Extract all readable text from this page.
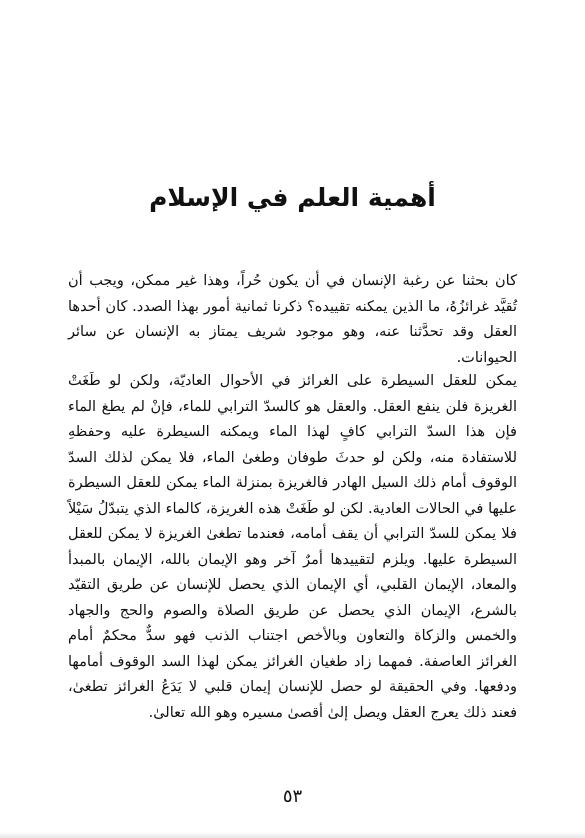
أهمية العلم في الإسلام

كان بحثنا عن رغبة الإنسان في أن يكون حُراً، وهذا غير ممكن، ويجب أن تُقيَّد غرائزُهُ، ما الذين يمكنه تقييده؟ ذكرنا ثمانية أمور بهذا الصدد. كان أحدها العقل وقد تحدَّثنا عنه، وهو موجود شريف يمتاز به الإنسان عن سائر الحيوانات.

يمكن للعقل السيطرة على الغرائز في الأحوال العاديّة، ولكن لو طَغَتْ الغريزة فلن ينفع العقل. والعقل هو كالسدّ الترابي للماء، فإنْ لم يطغ الماء فإن هذا السدّ الترابي كافٍ لهذا الماء ويمكنه السيطرة عليه وحفظهِ للاستفادة منه، ولكن لو حدثَ طوفان وطغىٰ الماء، فلا يمكن لذلك السدّ الوقوف أمام ذلك السيل الهادر فالغريزة بمنزلة الماء يمكن للعقل السيطرة عليها في الحالات العادية. لكن لو طَغَتْ هذه الغريزة، كالماء الذي يتبدّلُ سَيْلاً فلا يمكن للسدّ الترابي أن يقف أمامه، فعندما تطغىٰ الغريزة لا يمكن للعقل السيطرة عليها. ويلزم لتقييدها أمرٌ آخر وهو الإيمان بالله، الإيمان بالمبدأ والمعاد، الإيمان القلبي، أي الإيمان الذي يحصل للإنسان عن طريق التقيّد بالشرع، الإيمان الذي يحصل عن طريق الصلاة والصوم والحج والجهاد والخمس والزكاة والتعاون وبالأخص اجتناب الذنب فهو سدٌّ محكمٌ أمام الغرائز العاصفة. فمهما زاد طغيان الغرائز يمكن لهذا السد الوقوف أمامها ودفعها. وفي الحقيقة لو حصل للإنسان إيمان قلبي لا يَدَعُ الغرائز تطغىٰ، فعند ذلك يعرج العقل ويصل إلىٰ أقصىٰ مسيره وهو الله تعالىٰ.

٥٣
